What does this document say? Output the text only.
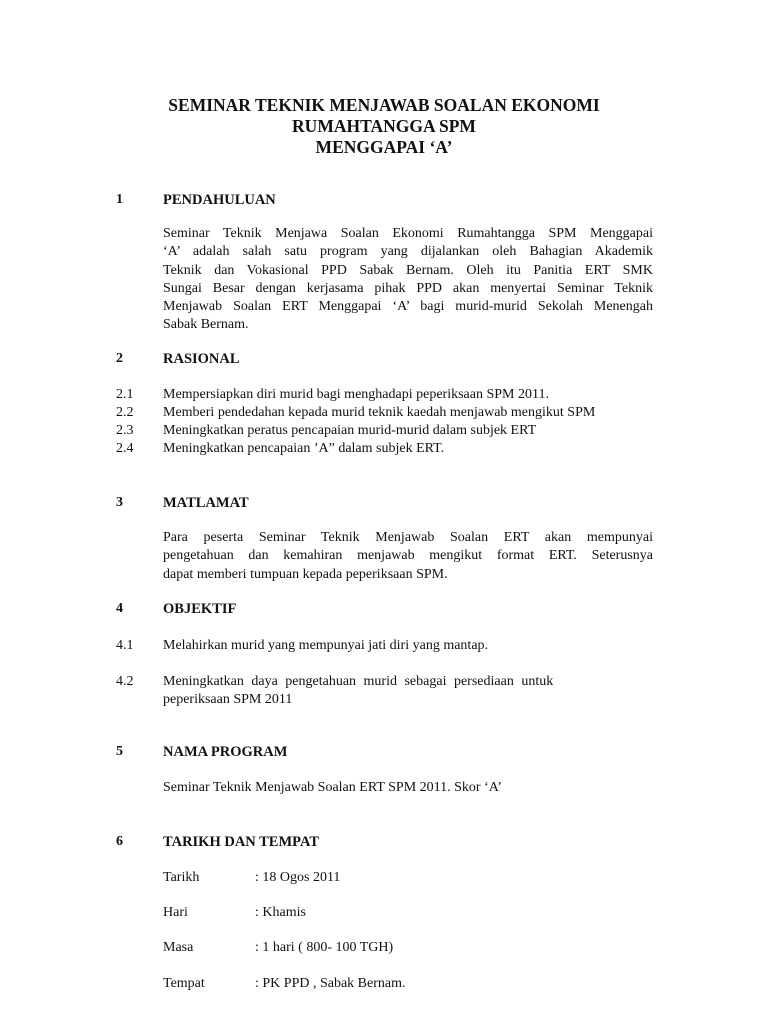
SEMINAR TEKNIK MENJAWAB SOALAN EKONOMI
RUMAHTANGGA SPM
MENGGAPAI ‘A’
1	PENDAHULUAN
Seminar Teknik Menjawa Soalan Ekonomi Rumahtangga SPM Menggapai
‘A’ adalah salah satu program yang dijalankan oleh Bahagian Akademik
Teknik dan Vokasional PPD Sabak Bernam. Oleh itu Panitia ERT SMK
Sungai Besar dengan kerjasama pihak PPD akan menyertai Seminar Teknik
Menjawab Soalan ERT Menggapai ‘A’ bagi murid-murid Sekolah Menengah
Sabak Bernam.
2	RASIONAL
2.1 Mempersiapkan diri murid bagi menghadapi peperiksaan SPM 2011.
2.2 Memberi pendedahan kepada murid teknik kaedah menjawab mengikut SPM
2.3 Meningkatkan peratus pencapaian murid-murid dalam subjek ERT
2.4 Meningkatkan pencapaian ’A” dalam subjek ERT.
3	MATLAMAT
Para peserta Seminar Teknik Menjawab Soalan ERT akan mempunyai
pengetahuan dan kemahiran menjawab mengikut format ERT. Seterusnya
dapat memberi tumpuan kepada peperiksaan SPM.
4	OBJEKTIF
4.1 Melahirkan murid yang mempunyai jati diri yang mantap.
4.2 Meningkatkan daya pengetahuan murid sebagai persediaan untuk
peperiksaan SPM 2011
5	NAMA PROGRAM
Seminar Teknik Menjawab Soalan ERT SPM 2011. Skor ‘A’
6	TARIKH DAN TEMPAT
Tarikh	: 18 Ogos 2011
Hari	: Khamis
Masa	: 1 hari ( 800- 100 TGH)
Tempat	: PK PPD , Sabak Bernam.
